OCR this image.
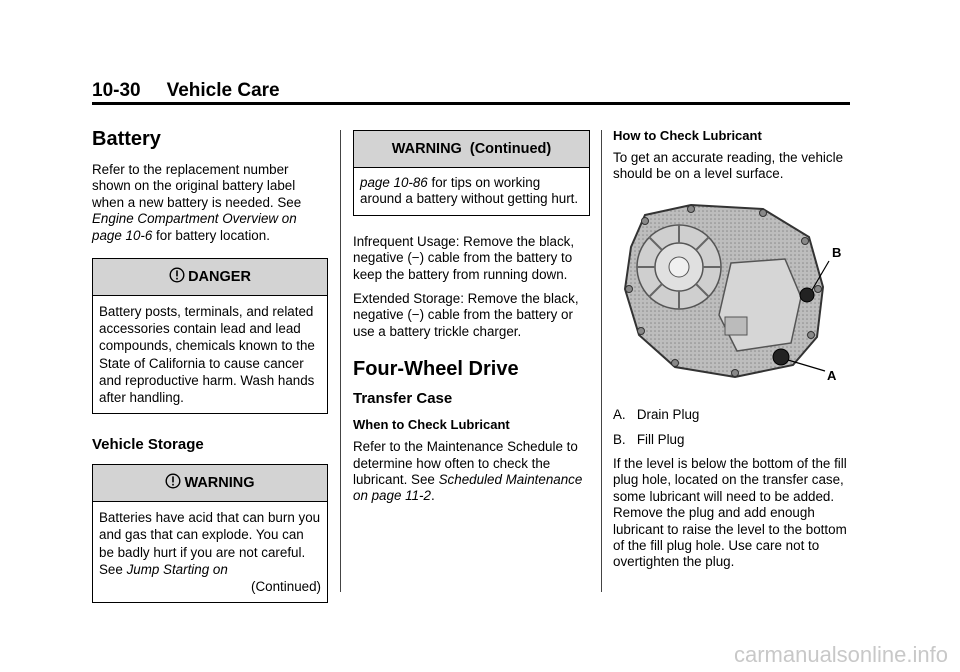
10-30 Vehicle Care
Battery

Refer to the replacement number shown on the original battery label when a new battery is needed. See Engine Compartment Overview on page 10-6 for battery location.

DANGER
Battery posts, terminals, and related accessories contain lead and lead compounds, chemicals known to the State of California to cause cancer and reproductive harm. Wash hands after handling.
Vehicle Storage
WARNING
Batteries have acid that can burn you and gas that can explode. You can be badly hurt if you are not careful. See Jump Starting on
(Continued)
WARNING  (Continued)
page 10-86 for tips on working around a battery without getting hurt.

Infrequent Usage: Remove the black, negative (−) cable from the battery to keep the battery from running down.

Extended Storage: Remove the black, negative (−) cable from the battery or use a battery trickle charger.

Four-Wheel Drive
Transfer Case
When to Check Lubricant

Refer to the Maintenance Schedule to determine how often to check the lubricant. See Scheduled Maintenance on page 11-2.

How to Check Lubricant

To get an accurate reading, the vehicle should be on a level surface.

B
A

A.   Drain Plug

B.   Fill Plug

If the level is below the bottom of the fill plug hole, located on the transfer case, some lubricant will need to be added. Remove the plug and add enough lubricant to raise the level to the bottom of the fill plug hole. Use care not to overtighten the plug.

carmanualsonline.info
